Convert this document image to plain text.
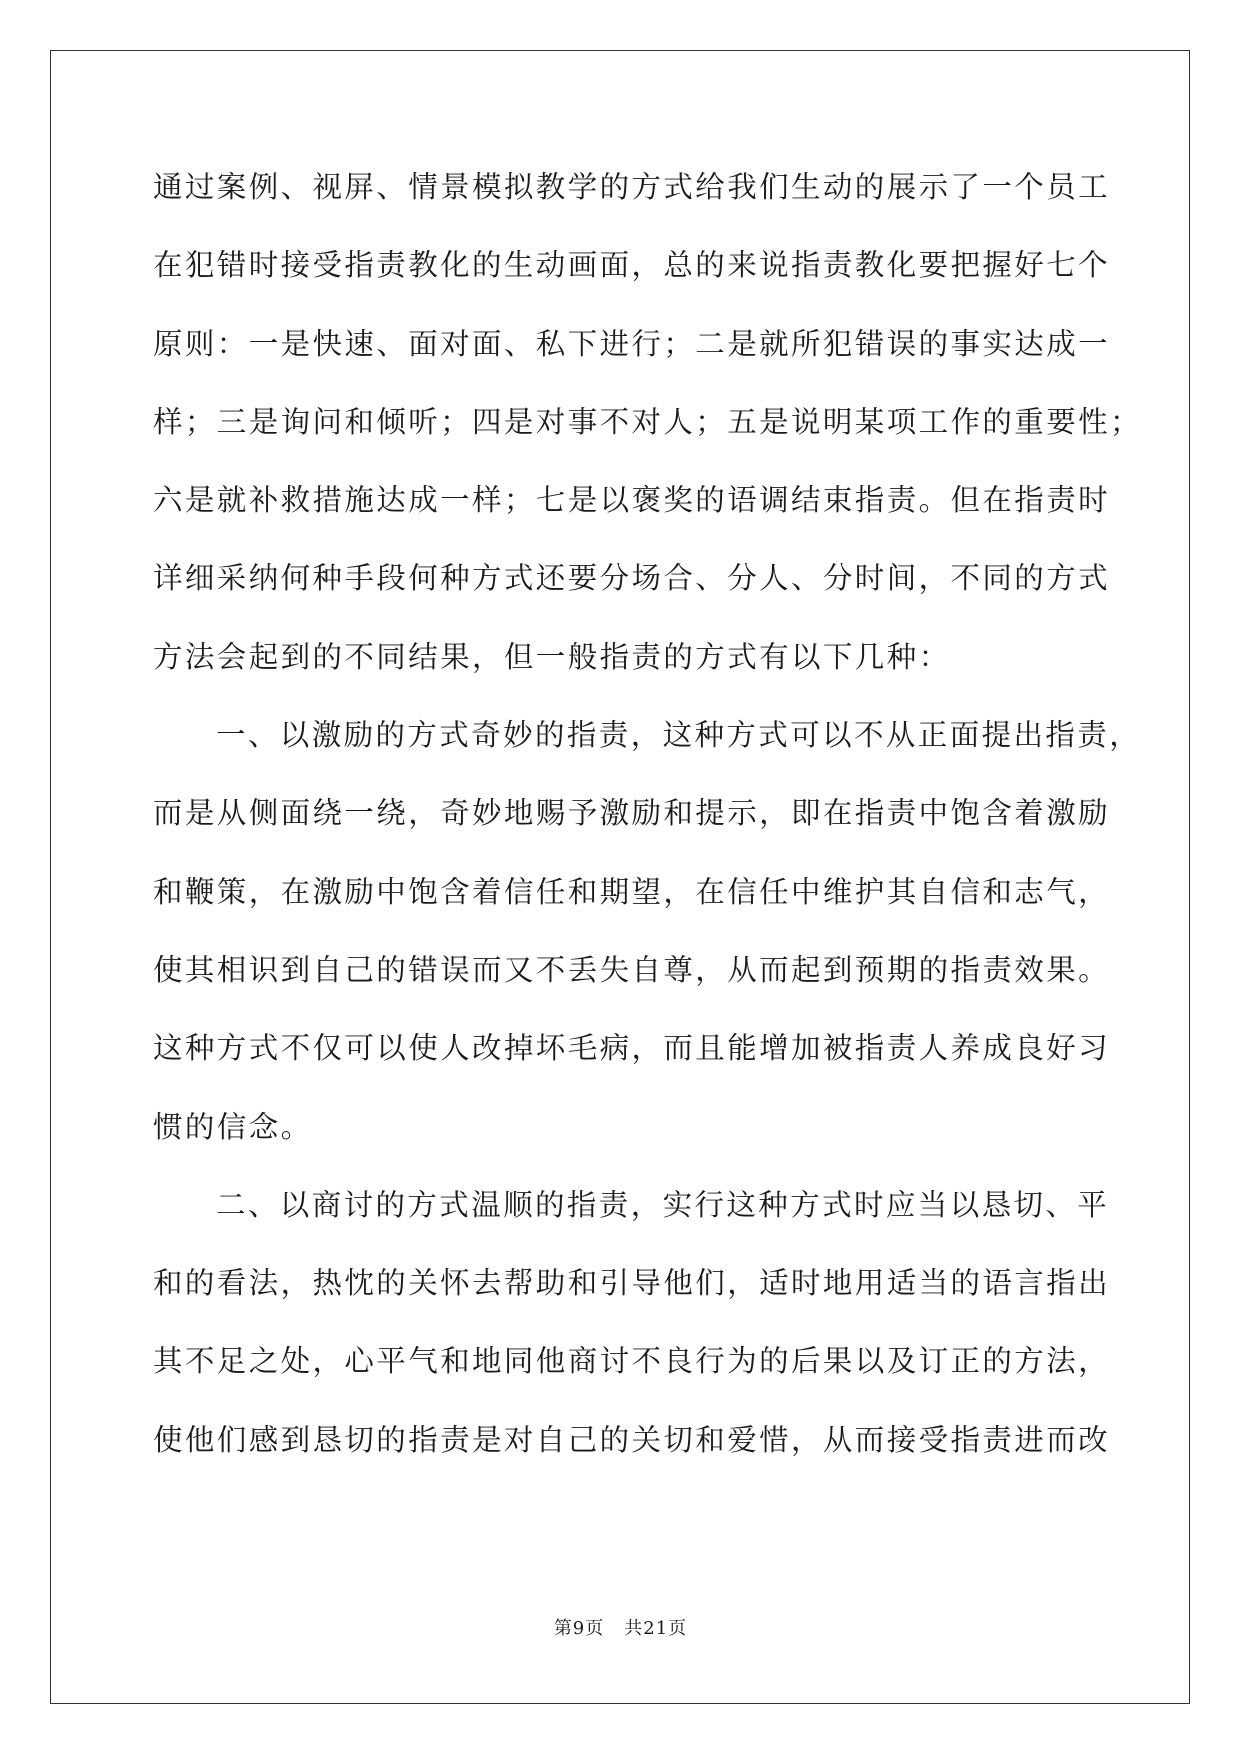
通过案例、视屏、情景模拟教学的方式给我们生动的展示了一个员工
在犯错时接受指责教化的生动画面，总的来说指责教化要把握好七个
原则：一是快速、面对面、私下进行；二是就所犯错误的事实达成一
样；三是询问和倾听；四是对事不对人；五是说明某项工作的重要性；
六是就补救措施达成一样；七是以褒奖的语调结束指责。但在指责时
详细采纳何种手段何种方式还要分场合、分人、分时间，不同的方式
方法会起到的不同结果，但一般指责的方式有以下几种：
一、以激励的方式奇妙的指责，这种方式可以不从正面提出指责，
而是从侧面绕一绕，奇妙地赐予激励和提示，即在指责中饱含着激励
和鞭策，在激励中饱含着信任和期望，在信任中维护其自信和志气，
使其相识到自己的错误而又不丢失自尊，从而起到预期的指责效果。
这种方式不仅可以使人改掉坏毛病，而且能增加被指责人养成良好习
惯的信念。
二、以商讨的方式温顺的指责，实行这种方式时应当以恳切、平
和的看法，热忱的关怀去帮助和引导他们，适时地用适当的语言指出
其不足之处，心平气和地同他商讨不良行为的后果以及订正的方法，
使他们感到恳切的指责是对自己的关切和爱惜，从而接受指责进而改
第9页 共21页
